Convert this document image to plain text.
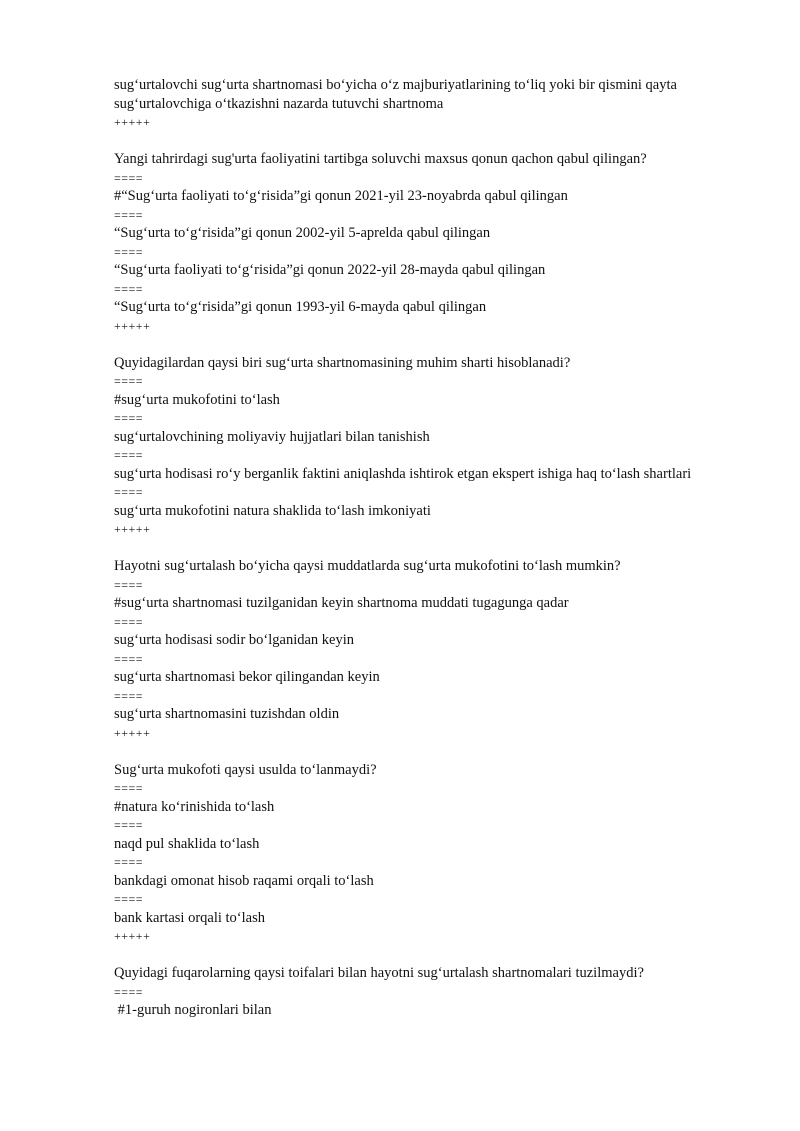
sug‘urtalovchi sug‘urta shartnomasi bo‘yicha o‘z majburiyatlarining to‘liq yoki bir qismini qayta sug‘urtalovchiga o‘tkazishni nazarda tutuvchi shartnoma
+++++
Yangi tahrirdagi sug'urta faoliyatini tartibga soluvchi maxsus qonun qachon qabul qilingan?
====
#“Sug‘urta faoliyati to‘g‘risida”gi qonun 2021-yil 23-noyabrda qabul qilingan
====
“Sug‘urta to‘g‘risida”gi qonun 2002-yil 5-aprelda qabul qilingan
====
“Sug‘urta faoliyati to‘g‘risida”gi qonun 2022-yil 28-mayda qabul qilingan
====
“Sug‘urta to‘g‘risida”gi qonun 1993-yil 6-mayda qabul qilingan
+++++
Quyidagilardan qaysi biri sug‘urta shartnomasining muhim sharti hisoblanadi?
====
#sug‘urta mukofotini to‘lash
====
sug‘urtalovchining moliyaviy hujjatlari bilan tanishish
====
sug‘urta hodisasi ro‘y berganlik faktini aniqlashda ishtirok etgan ekspert ishiga haq to‘lash shartlari
====
sug‘urta mukofotini natura shaklida to‘lash imkoniyati
+++++
Hayotni sug‘urtalash bo‘yicha qaysi muddatlarda sug‘urta mukofotini to‘lash mumkin?
====
#sug‘urta shartnomasi tuzilganidan keyin shartnoma muddati tugagunga qadar
====
sug‘urta hodisasi sodir bo‘lganidan keyin
====
sug‘urta shartnomasi bekor qilingandan keyin
====
sug‘urta shartnomasini tuzishdan oldin
+++++
Sug‘urta mukofoti qaysi usulda to‘lanmaydi?
====
#natura ko‘rinishida to‘lash
====
naqd pul shaklida to‘lash
====
bankdagi omonat hisob raqami orqali to‘lash
====
bank kartasi orqali to‘lash
+++++
Quyidagi fuqarolarning qaysi toifalari bilan hayotni sug‘urtalash shartnomalari tuzilmaydi?
====
#1-guruh nogironlari bilan
